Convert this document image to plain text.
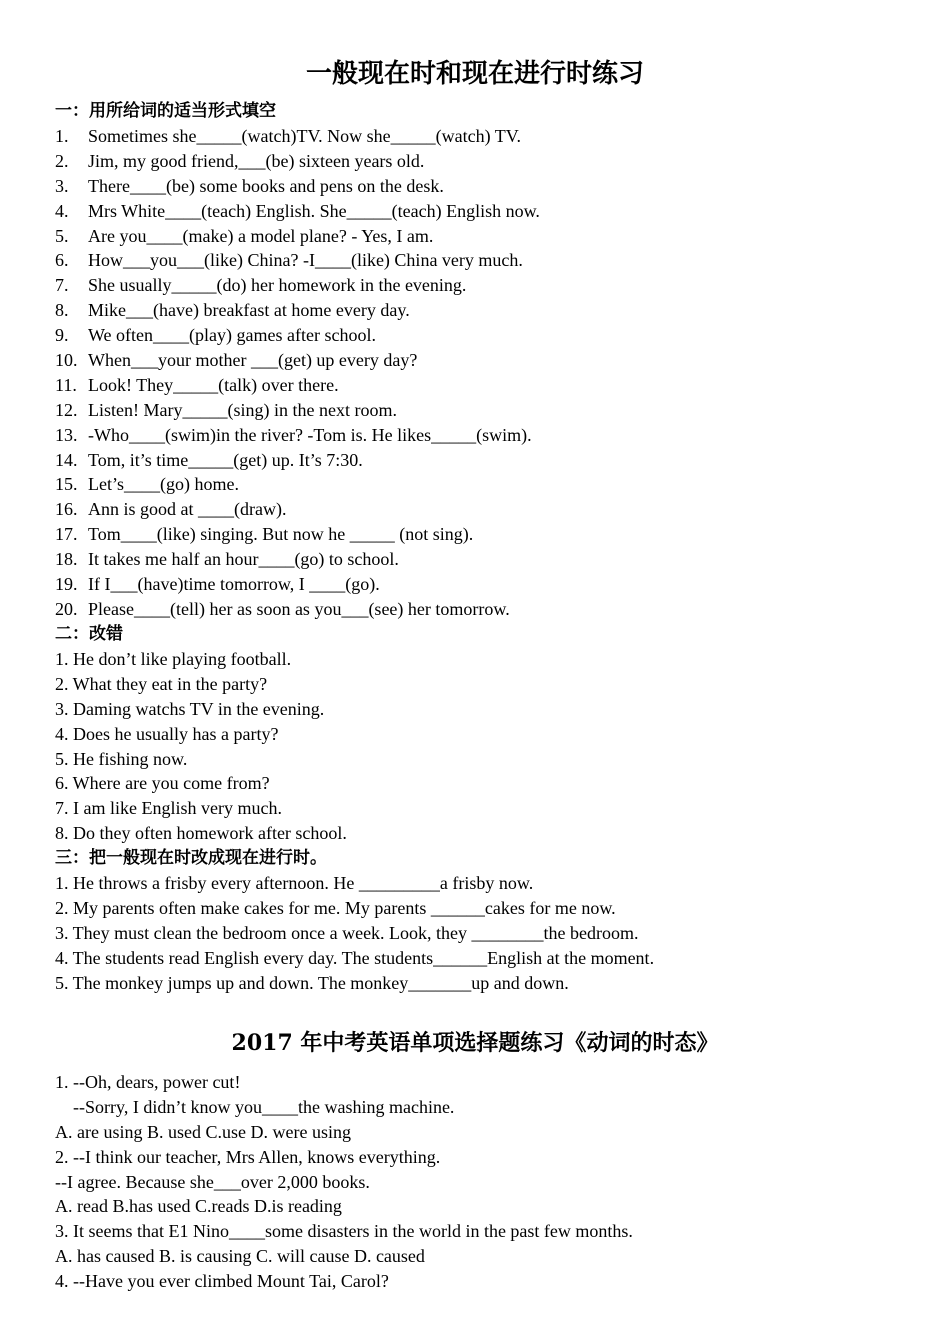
一般现在时和现在进行时练习
一：用所给词的适当形式填空
1. Sometimes she_____(watch)TV. Now she_____(watch) TV.
2. Jim, my good friend,___(be) sixteen years old.
3. There____(be) some books and pens on the desk.
4. Mrs White____(teach) English. She_____(teach) English now.
5. Are you____(make) a model plane? - Yes, I am.
6. How___you___(like) China? -I____(like) China very much.
7. She usually_____(do) her homework in the evening.
8. Mike___(have) breakfast at home every day.
9. We often____(play) games after school.
10. When___your mother ___(get) up every day?
11. Look! They_____(talk) over there.
12. Listen! Mary_____(sing) in the next room.
13. -Who____(swim)in the river? -Tom is. He likes_____(swim).
14. Tom, it’s time_____(get) up. It’s 7:30.
15. Let’s____(go) home.
16. Ann is good at ____(draw).
17. Tom____(like) singing. But now he _____ (not sing).
18. It takes me half an hour____(go) to school.
19. If I___(have)time tomorrow, I ____(go).
20. Please____(tell) her as soon as you___(see) her tomorrow.
二：改错
1. He don’t like playing football.
2. What they eat in the party?
3. Daming watchs TV in the evening.
4. Does he usually has a party?
5. He fishing now.
6. Where are you come from?
7. I am like English very much.
8. Do they often homework after school.
三：把一般现在时改成现在进行时。
1. He throws a frisby every afternoon. He _________a frisby now.
2. My parents often make cakes for me. My parents ______cakes for me now.
3. They must clean the bedroom once a week. Look, they ________the bedroom.
4. The students read English every day. The students______English at the moment.
5. The monkey jumps up and down. The monkey_______up and down.
2017 年中考英语单项选择题练习《动词的时态》
1. --Oh, dears, power cut!
--Sorry, I didn’t know you____the washing machine.
A. are using B. used C.use D. were using
2. --I think our teacher, Mrs Allen, knows everything.
--I agree. Because she___over 2,000 books.
A. read B.has used C.reads D.is reading
3. It seems that E1 Nino____some disasters in the world in the past few months.
A. has caused B. is causing C. will cause D. caused
4. --Have you ever climbed Mount Tai, Carol?
